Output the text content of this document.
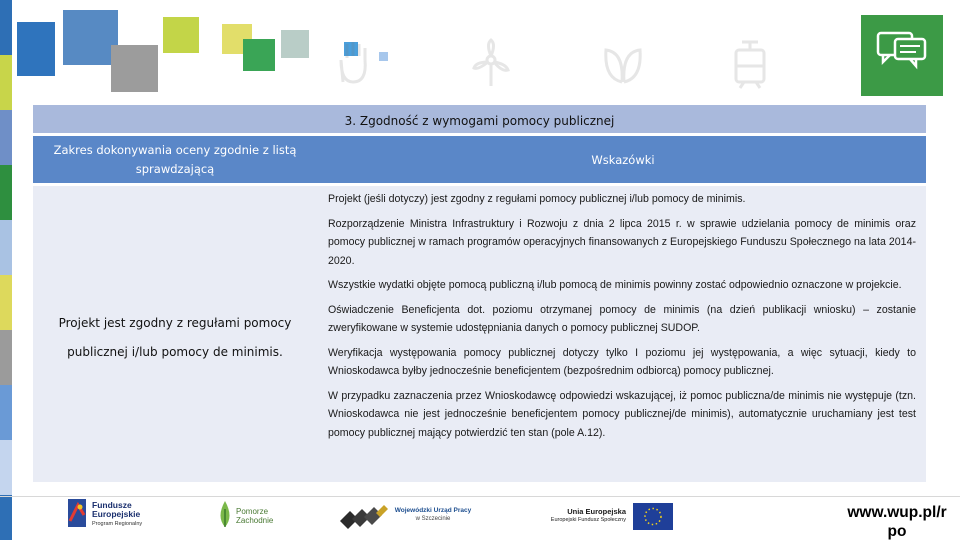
3. Zgodność z wymogami pomocy publicznej
Zakres dokonywania oceny zgodnie z listą sprawdzającą
Wskazówki
Projekt jest zgodny z regułami pomocy publicznej i/lub pomocy de minimis.

Projekt (jeśli dotyczy) jest zgodny z regułami pomocy publicznej i/lub pomocy de minimis.

Rozporządzenie Ministra Infrastruktury i Rozwoju z dnia 2 lipca 2015 r. w sprawie udzielania pomocy de minimis oraz pomocy publicznej w ramach programów operacyjnych finansowanych z Europejskiego Funduszu Społecznego na lata 2014-2020.

Wszystkie wydatki objęte pomocą publiczną i/lub pomocą de minimis powinny zostać odpowiednio oznaczone w projekcie.

Oświadczenie Beneficjenta dot. poziomu otrzymanej pomocy de minimis (na dzień publikacji wniosku) – zostanie zweryfikowane w systemie udostępniania danych o pomocy publicznej SUDOP.

Weryfikacja występowania pomocy publicznej dotyczy tylko I poziomu jej występowania, a więc sytuacji, kiedy to Wnioskodawca byłby jednocześnie beneficjentem (bezpośrednim odbiorcą) pomocy publicznej.

W przypadku zaznaczenia przez Wnioskodawcę odpowiedzi wskazującej, iż pomoc publiczna/de minimis nie występuje (tzn. Wnioskodawca nie jest jednocześnie beneficjentem pomocy publicznej/de minimis), automatycznie uruchamiany jest test pomocy publicznej mający potwierdzić ten stan (pole A.12).

Fundusze
Europejskie
Program Regionalny
Pomorze
Zachodnie
Wojewódzki Urząd Pracy
w Szczecinie
Unia Europejska
Europejski Fundusz Społeczny	www.wup.pl/r
po
